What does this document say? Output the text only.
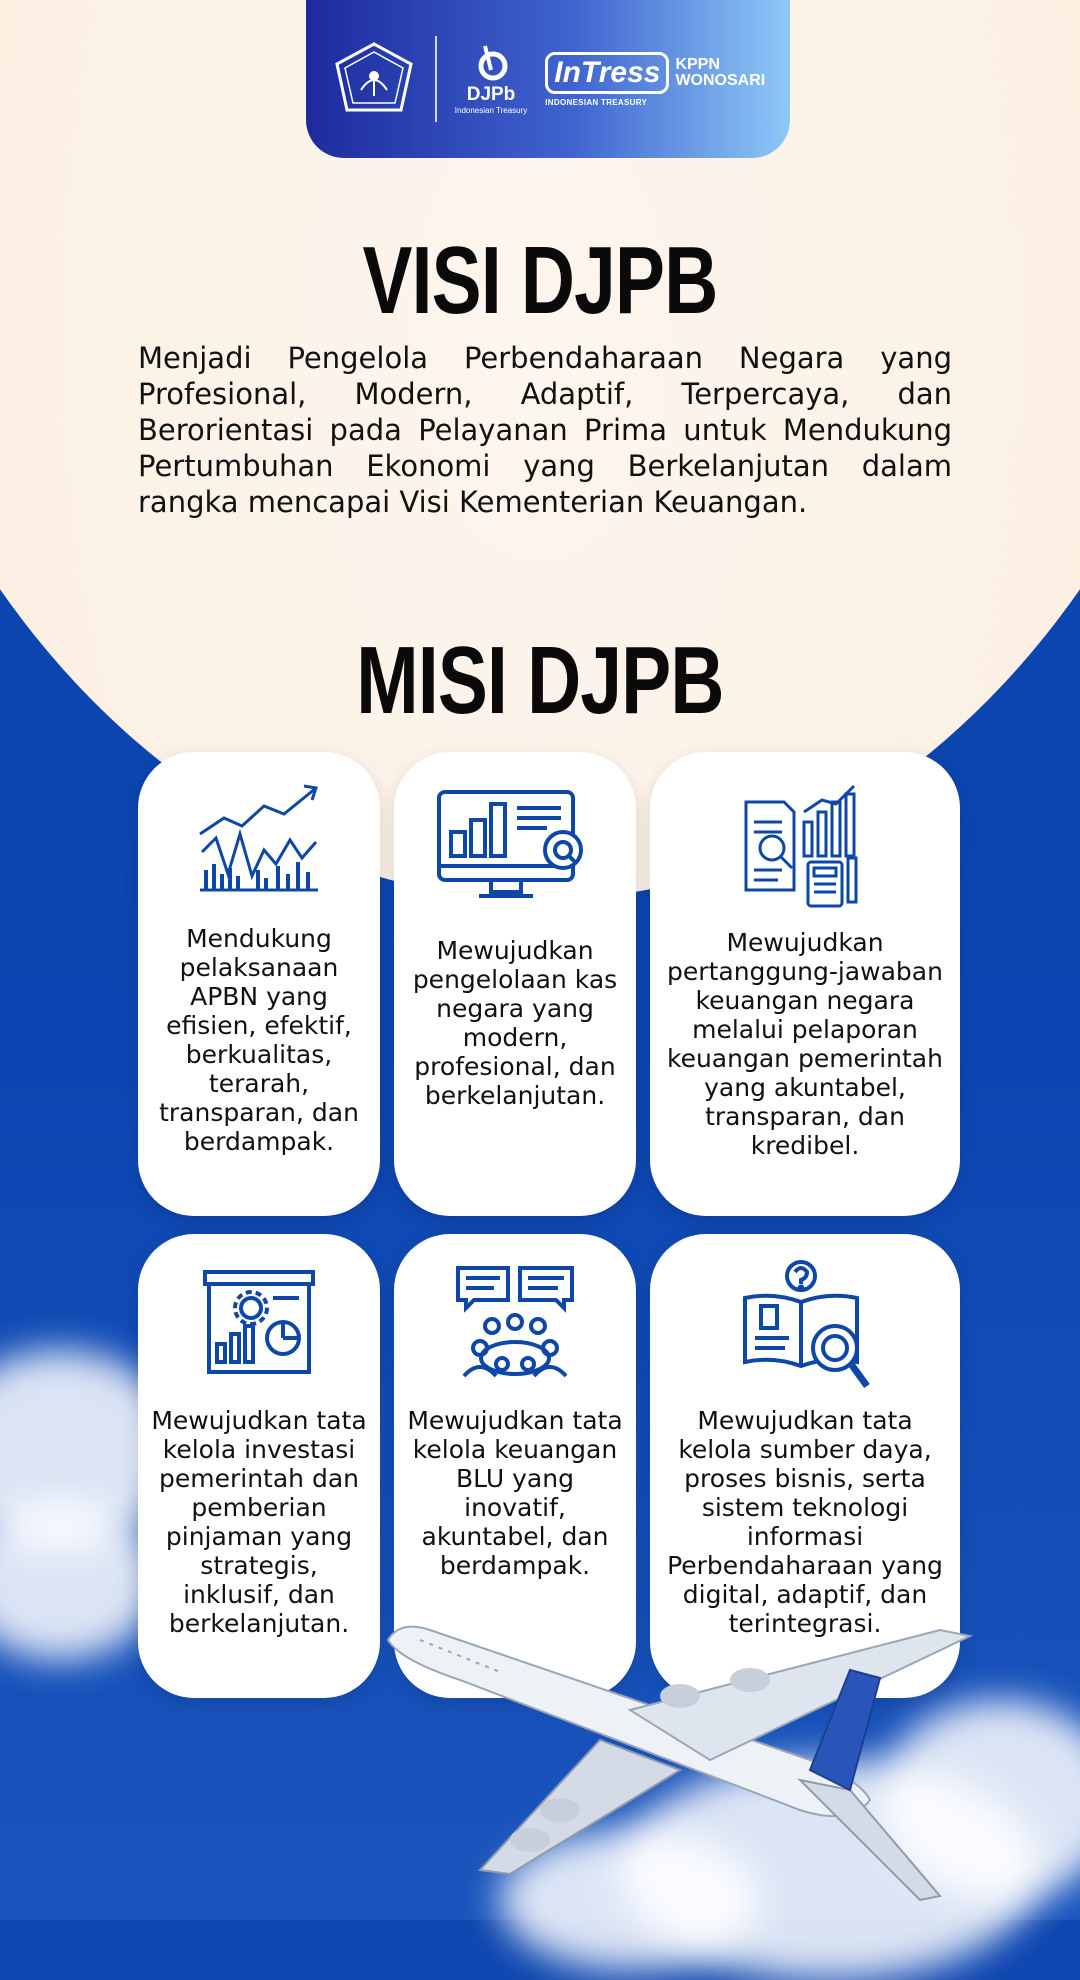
DJPb
Indonesian Treasury
InTress KPPN
WONOSARI
INDONESIAN TREASURY
VISI DJPB
Menjadi Pengelola Perbendaharaan Negara yang Profesional, Modern, Adaptif, Terpercaya, dan Berorientasi pada Pelayanan Prima untuk Mendukung Pertumbuhan Ekonomi yang Berkelanjutan dalam rangka mencapai Visi Kementerian Keuangan.
MISI DJPB
Mendukung pelaksanaan APBN yang efisien, efektif, berkualitas, terarah, transparan, dan berdampak.
Mewujudkan pengelolaan kas negara yang modern, profesional, dan berkelanjutan.
Mewujudkan pertanggung-jawaban keuangan negara melalui pelaporan keuangan pemerintah yang akuntabel, transparan, dan kredibel.
Mewujudkan tata kelola investasi pemerintah dan pemberian pinjaman yang strategis, inklusif, dan berkelanjutan.
Mewujudkan tata kelola keuangan BLU yang inovatif, akuntabel, dan berdampak.
Mewujudkan tata kelola sumber daya, proses bisnis, serta sistem teknologi informasi Perbendaharaan yang digital, adaptif, dan terintegrasi.
